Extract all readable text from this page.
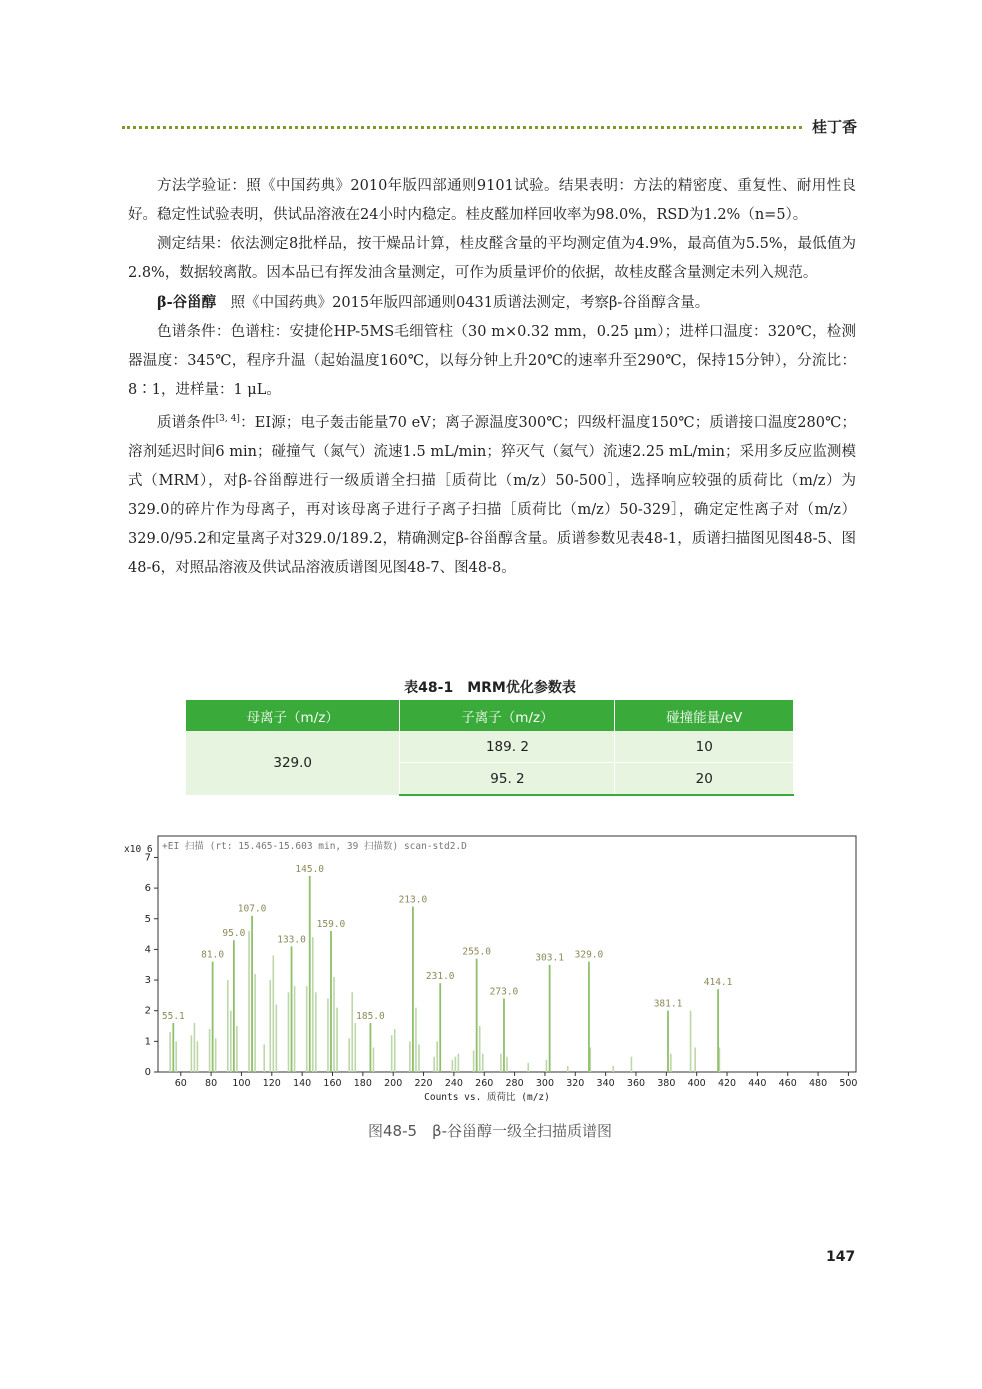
桂丁香

方法学验证：照《中国药典》2010年版四部通则9101试验。结果表明：方法的精密度、重复性、耐用性良好。稳定性试验表明，供试品溶液在24小时内稳定。桂皮醛加样回收率为98.0%，RSD为1.2%（n=5）。

测定结果：依法测定8批样品，按干燥品计算，桂皮醛含量的平均测定值为4.9%，最高值为5.5%，最低值为2.8%，数据较离散。因本品已有挥发油含量测定，可作为质量评价的依据，故桂皮醛含量测定未列入规范。

β-谷甾醇　照《中国药典》2015年版四部通则0431质谱法测定，考察β-谷甾醇含量。

色谱条件：色谱柱：安捷伦HP-5MS毛细管柱（30 m×0.32 mm，0.25 μm）；进样口温度：320℃，检测器温度：345℃，程序升温（起始温度160℃，以每分钟上升20℃的速率升至290℃，保持15分钟），分流比：8∶1，进样量：1 μL。

质谱条件[3, 4]：EI源；电子轰击能量70 eV；离子源温度300℃；四级杆温度150℃；质谱接口温度280℃；溶剂延迟时间6 min；碰撞气（氮气）流速1.5 mL/min；猝灭气（氦气）流速2.25 mL/min；采用多反应监测模式（MRM），对β-谷甾醇进行一级质谱全扫描［质荷比（m/z）50-500］，选择响应较强的质荷比（m/z）为329.0的碎片作为母离子，再对该母离子进行子离子扫描［质荷比（m/z）50-329］，确定定性离子对（m/z）329.0/95.2和定量离子对329.0/189.2，精确测定β-谷甾醇含量。质谱参数见表48-1，质谱扫描图见图48-5、图48-6，对照品溶液及供试品溶液质谱图见图48-7、图48-8。

表48-1　MRM优化参数表
母离子（m/z）	子离子（m/z）	碰撞能量/eV
329.0	189. 2	10
	95. 2	20
+EI 扫描 (rt: 15.465-15.603 min, 39 扫描数) scan-std2.D
x10 6
0
1
2
3
4
5
6
7
60 80 100 120 140 160 180 200 220 240 260 280 300 320 340 360 380 400 420 440 460 480 500
Counts vs. 质荷比 (m/z)
55.1
81.0
95.0
107.0
133.0
145.0
159.0
185.0
213.0
231.0
255.0
273.0
303.1 329.0
381.1
414.1
图48-5　β-谷甾醇一级全扫描质谱图
147
